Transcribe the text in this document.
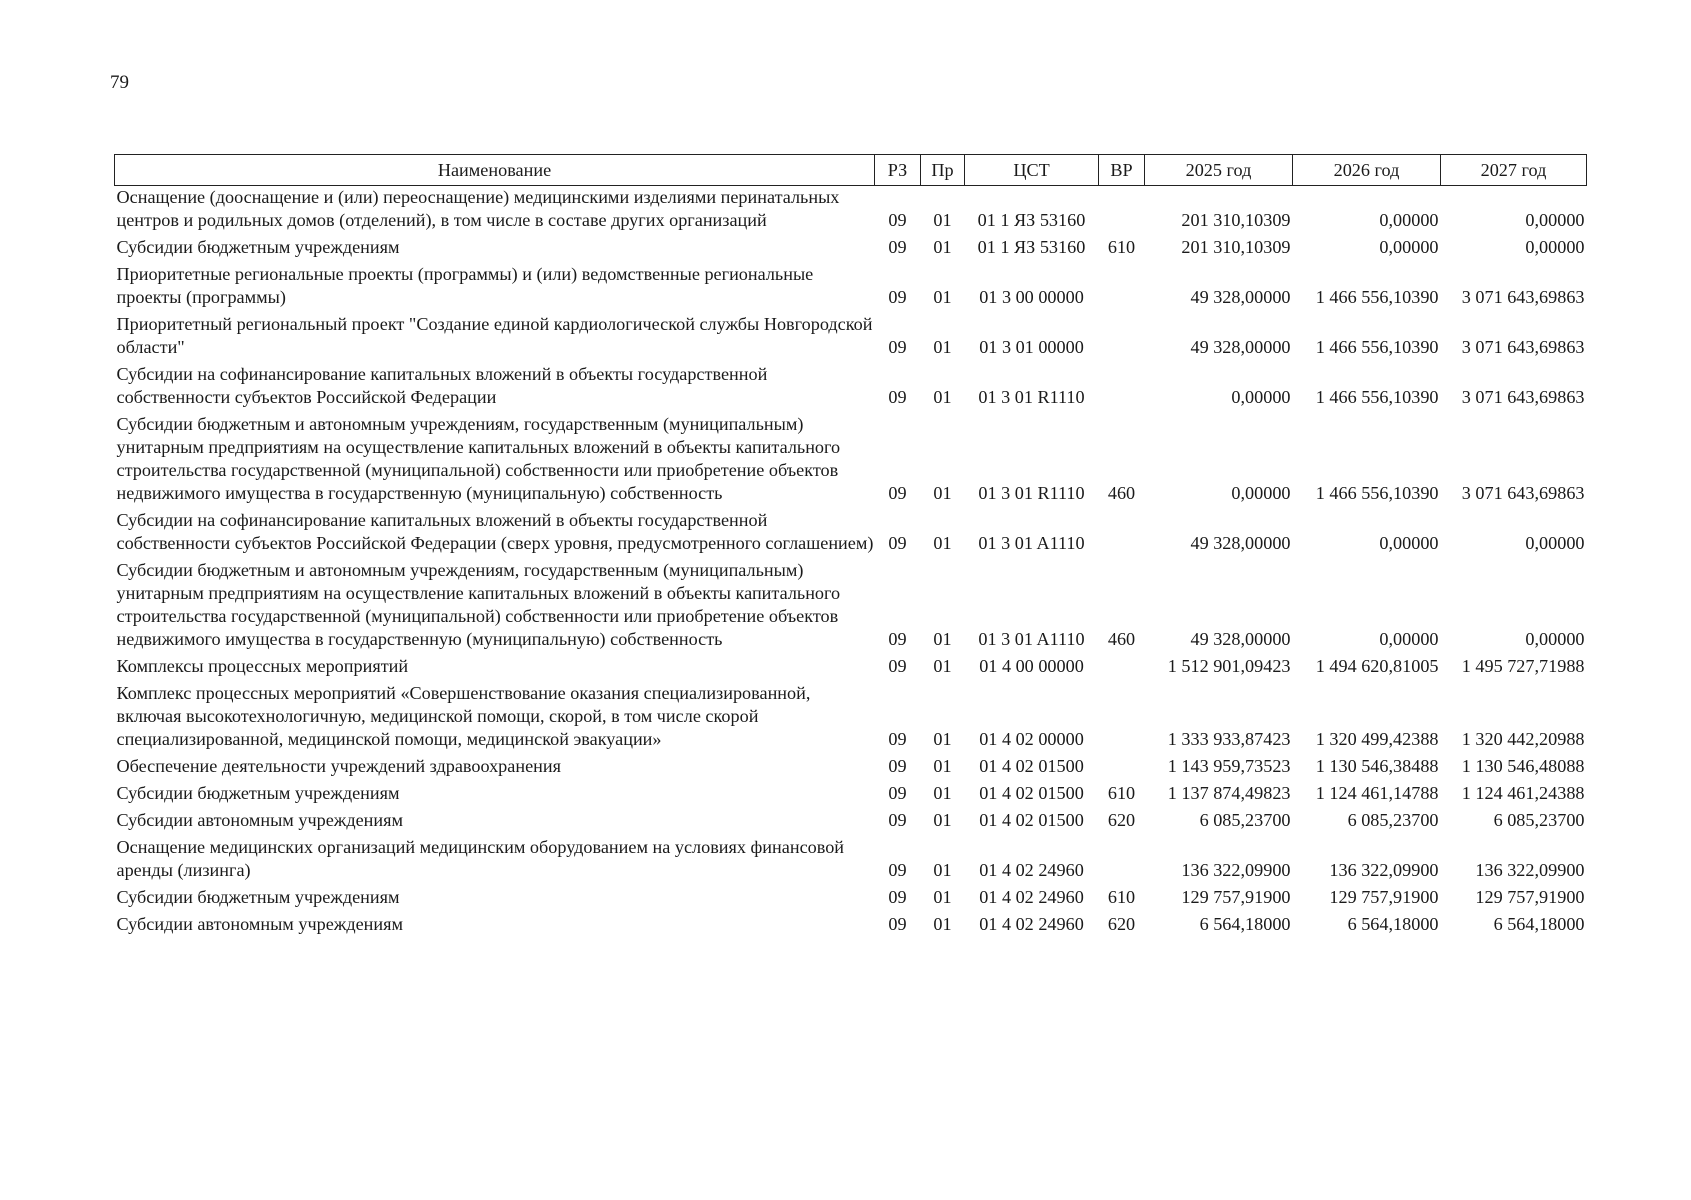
79
Наименование	РЗ	Пр	ЦСТ	ВР	2025 год	2026 год	2027 год
Оснащение (дооснащение и (или) переоснащение) медицинскими изделиями перинатальных центров и родильных домов (отделений), в том числе в составе других организаций	09	01	01 1 ЯЗ 53160		201 310,10309	0,00000	0,00000
Субсидии бюджетным учреждениям	09	01	01 1 ЯЗ 53160	610	201 310,10309	0,00000	0,00000
Приоритетные региональные проекты (программы) и (или) ведомственные региональные проекты (программы)	09	01	01 3 00 00000		49 328,00000	1 466 556,10390	3 071 643,69863
Приоритетный региональный проект "Создание единой кардиологической службы Новгородской области"	09	01	01 3 01 00000		49 328,00000	1 466 556,10390	3 071 643,69863
Субсидии на софинансирование капитальных вложений в объекты государственной собственности субъектов Российской Федерации	09	01	01 3 01 R1110		0,00000	1 466 556,10390	3 071 643,69863
Субсидии бюджетным и автономным учреждениям, государственным (муниципальным) унитарным предприятиям на осуществление капитальных вложений в объекты капитального строительства государственной (муниципальной) собственности или приобретение объектов недвижимого имущества в государственную (муниципальную) собственность	09	01	01 3 01 R1110	460	0,00000	1 466 556,10390	3 071 643,69863
Субсидии на софинансирование капитальных вложений в объекты государственной собственности субъектов Российской Федерации (сверх уровня, предусмотренного соглашением)	09	01	01 3 01 A1110		49 328,00000	0,00000	0,00000
Субсидии бюджетным и автономным учреждениям, государственным (муниципальным) унитарным предприятиям на осуществление капитальных вложений в объекты капитального строительства государственной (муниципальной) собственности или приобретение объектов недвижимого имущества в государственную (муниципальную) собственность	09	01	01 3 01 A1110	460	49 328,00000	0,00000	0,00000
Комплексы процессных мероприятий	09	01	01 4 00 00000		1 512 901,09423	1 494 620,81005	1 495 727,71988
Комплекс процессных мероприятий «Совершенствование оказания специализированной, включая высокотехнологичную, медицинской помощи, скорой, в том числе скорой специализированной, медицинской помощи, медицинской эвакуации»	09	01	01 4 02 00000		1 333 933,87423	1 320 499,42388	1 320 442,20988
Обеспечение деятельности учреждений здравоохранения	09	01	01 4 02 01500		1 143 959,73523	1 130 546,38488	1 130 546,48088
Субсидии бюджетным учреждениям	09	01	01 4 02 01500	610	1 137 874,49823	1 124 461,14788	1 124 461,24388
Субсидии автономным учреждениям	09	01	01 4 02 01500	620	6 085,23700	6 085,23700	6 085,23700
Оснащение медицинских организаций медицинским оборудованием на условиях финансовой аренды (лизинга)	09	01	01 4 02 24960		136 322,09900	136 322,09900	136 322,09900
Субсидии бюджетным учреждениям	09	01	01 4 02 24960	610	129 757,91900	129 757,91900	129 757,91900
Субсидии автономным учреждениям	09	01	01 4 02 24960	620	6 564,18000	6 564,18000	6 564,18000
